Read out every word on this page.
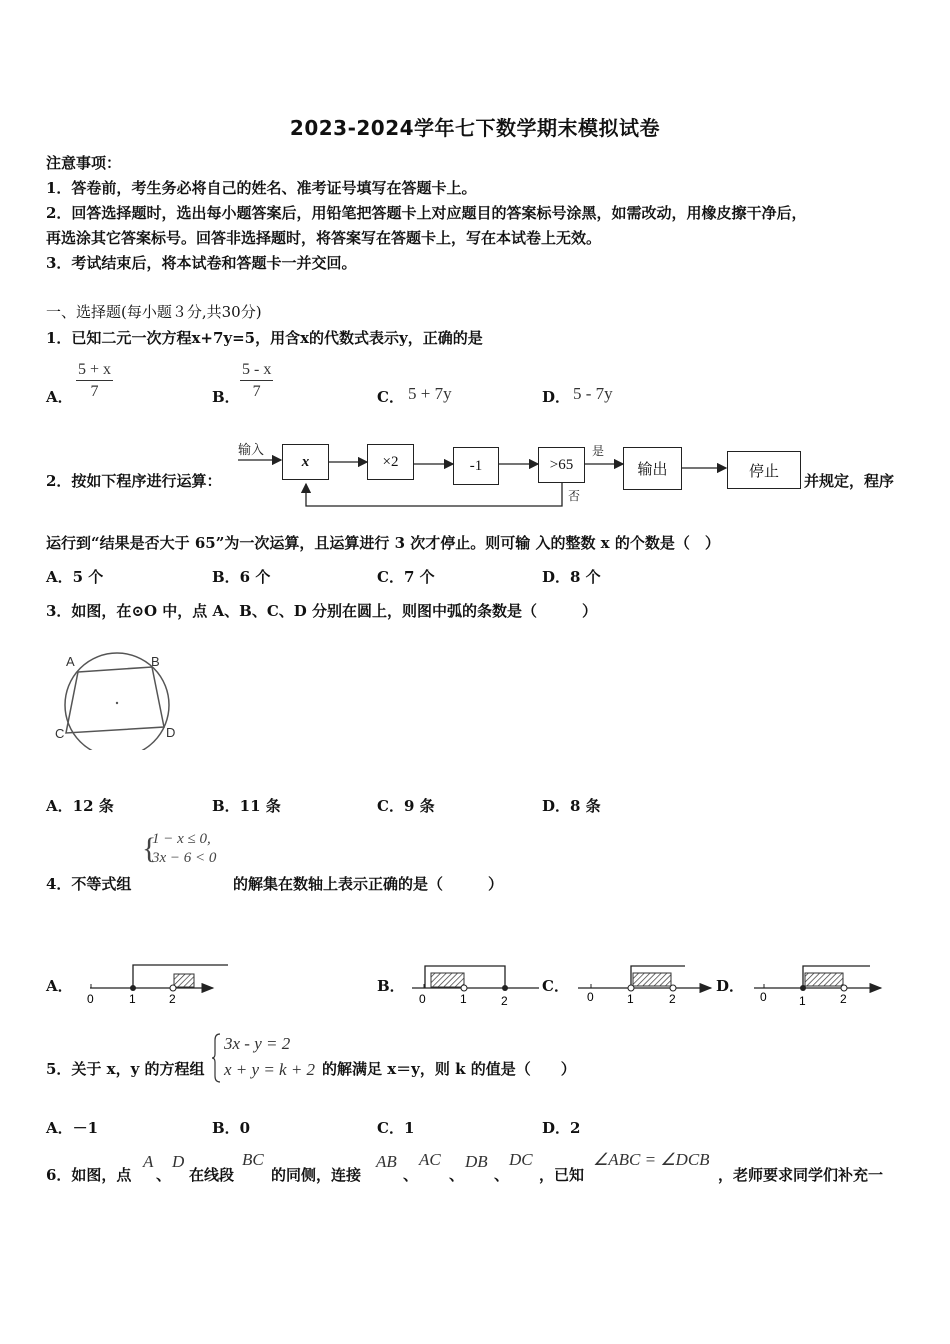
2023-2024学年七下数学期末模拟试卷
注意事项：
1．答卷前，考生务必将自己的姓名、准考证号填写在答题卡上。
2．回答选择题时，选出每小题答案后，用铅笔把答题卡上对应题目的答案标号涂黑，如需改动，用橡皮擦干净后，
再选涂其它答案标号。回答非选择题时，将答案写在答题卡上，写在本试卷上无效。
3．考试结束后，将本试卷和答题卡一并交回。
一、选择题(每小题３分,共30分)
1．已知二元一次方程x+7y=5，用含x的代数式表示y，正确的是
A． $\frac{5 + x}{7}$	B． $\frac{5 - x}{7}$	C． 5 + 7y	D． 5 - 7y
2．按如下程序进行运算：
输入	是
否
x	×2	-1	>65	输出	停止
并规定，程序
运行到“结果是否大于 65”为一次运算，且运算进行 3 次才停止。则可输 入的整数 x 的个数是（　）
A．5 个	B．6 个	C．7 个	D．8 个
3．如图，在⊙O 中，点 A、B、C、D 分别在圆上，则图中弧的条数是（　　　）
A	B
C	D
A．12 条	B．11 条	C．9 条	D．8 条
{
1 − x ≤ 0,
3x − 6 < 0
4．不等式组	的解集在数轴上表示正确的是（　　　）
A．	B．	C．	D．
0	1	2	0	1	2	0	1	2	0	1	2
5．关于 x，y 的方程组
3x - y = 2
x + y = k + 2 的解满足 x＝y，则 k 的值是（　　）
A．－1	B．0	C．1	D．2
6．如图，点
A
、
D
在线段
BC
的同侧，连接
AB
、
AC
、
DB
、
DC
，已知
∠ABC = ∠DCB
，老师要求同学们补充一
